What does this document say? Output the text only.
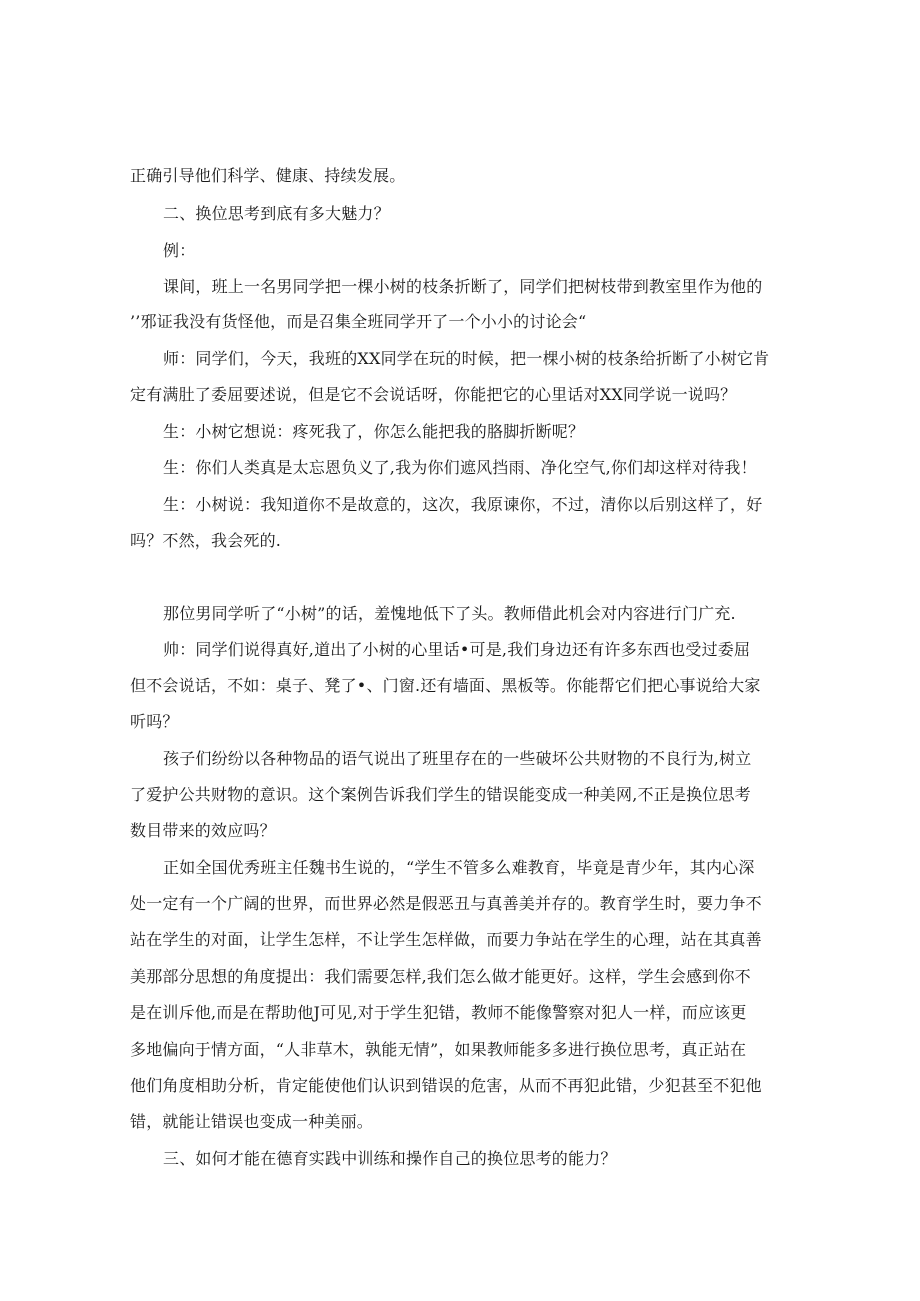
正确引导他们科学、健康、持续发展。
二、换位思考到底有多大魅力？
例：
课间，班上一名男同学把一棵小树的枝条折断了，同学们把树枝带到教室里作为他的
’’邪证我没有货怪他，而是召集全班同学开了一个小小的讨论会“
师：同学们，今天，我班的XX同学在玩的时候，把一棵小树的枝条给折断了小树它肯
定有满肚了委屈要述说，但是它不会说话呀，你能把它的心里话对XX同学说一说吗？
生：小树它想说：疼死我了，你怎么能把我的胳脚折断呢？
生：你们人类真是太忘恩负义了,我为你们遮风挡雨、净化空气,你们却这样对待我！
生：小树说：我知道你不是故意的，这次，我原谏你，不过，清你以后别这样了，好
吗？不然，我会死的.
那位男同学听了“小树”的话，羞愧地低下了头。教师借此机会对内容进行门广充.
帅：同学们说得真好,道出了小树的心里话•可是,我们身边还有许多东西也受过委屈
但不会说话，不如：桌子、凳了•、门窗.还有墙面、黑板等。你能帮它们把心事说给大家
听吗？
孩子们纷纷以各种物品的语气说出了班里存在的一些破坏公共财物的不良行为,树立
了爱护公共财物的意识。这个案例告诉我们学生的错误能变成一种美网,不正是换位思考
数目带来的效应吗？
正如全国优秀班主任魏书生说的，“学生不管多么难教育，毕竟是青少年，其内心深
处一定有一个广阔的世界，而世界必然是假恶丑与真善美并存的。教育学生时，要力争不
站在学生的对面，让学生怎样，不让学生怎样做，而要力争站在学生的心理，站在其真善
美那部分思想的角度提出：我们需要怎样,我们怎么做才能更好。这样，学生会感到你不
是在训斥他,而是在帮助他J可见,对于学生犯错，教师不能像警察对犯人一样，而应该更
多地偏向于情方面，“人非草木，孰能无情”，如果教师能多多进行换位思考，真正站在
他们角度相助分析，肯定能使他们认识到错误的危害，从而不再犯此错，少犯甚至不犯他
错，就能让错误也变成一种美丽。
三、如何才能在德育实践中训练和操作自己的换位思考的能力？
